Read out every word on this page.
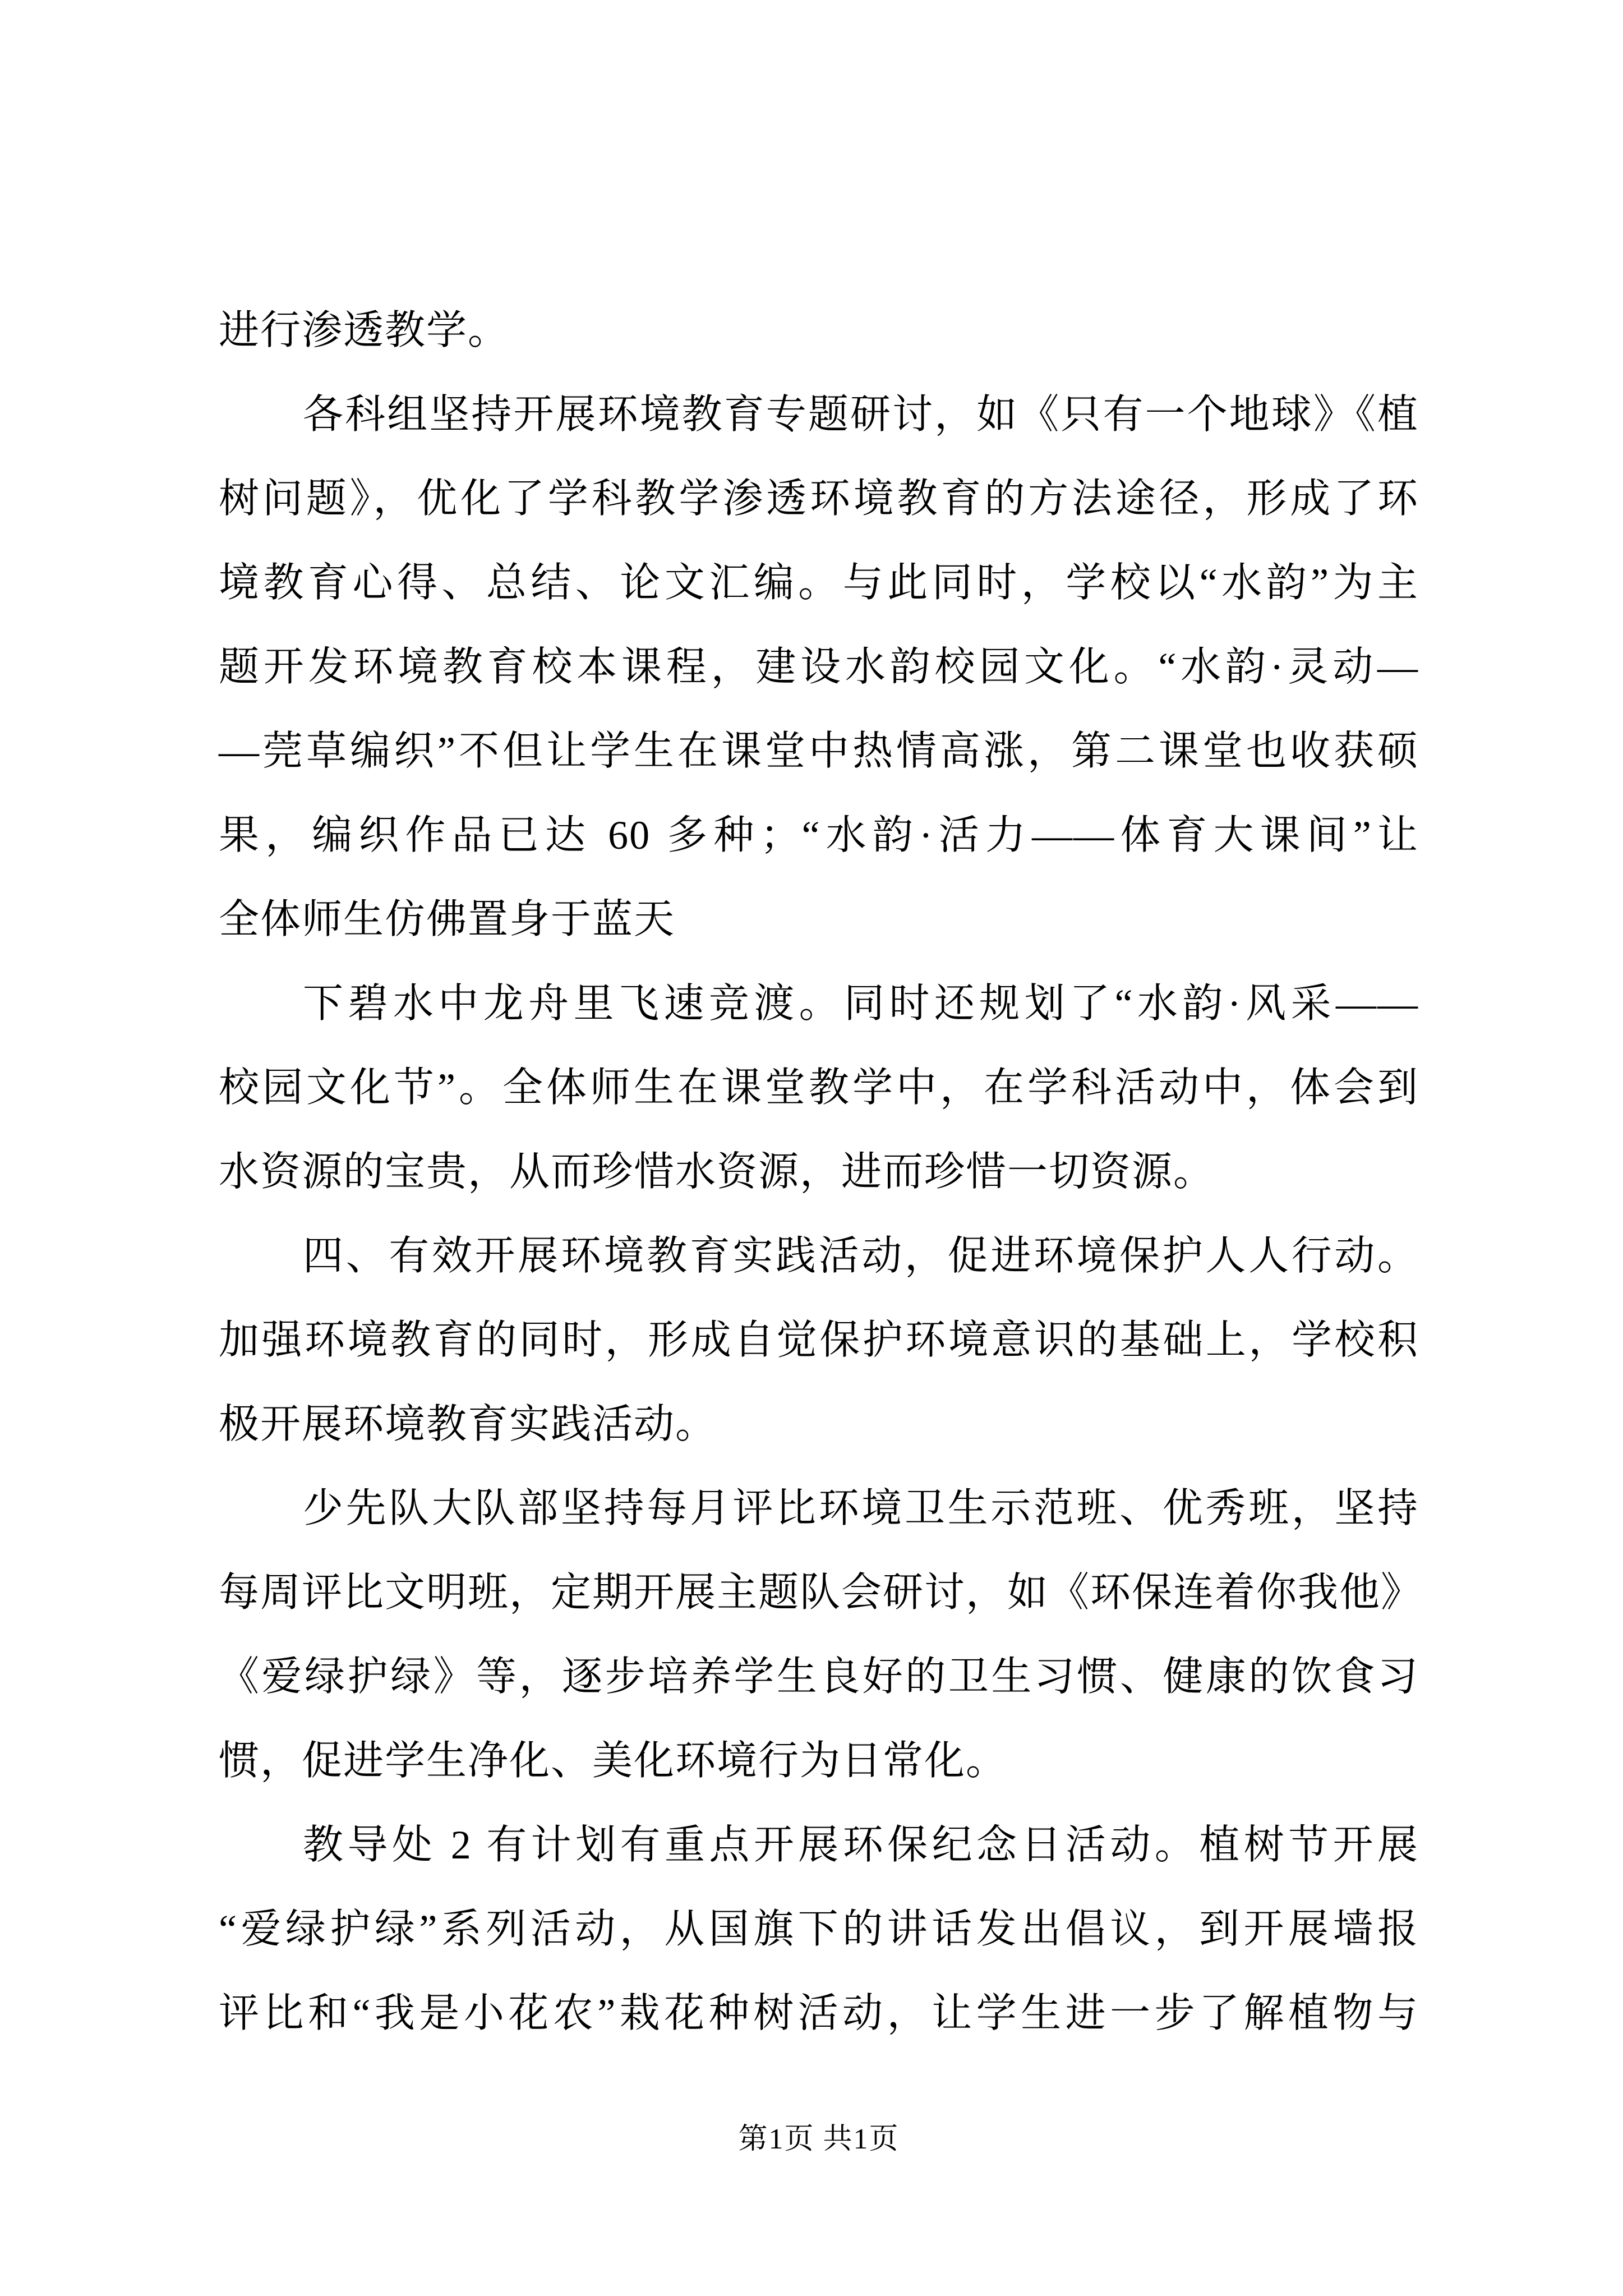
进行渗透教学。
各科组坚持开展环境教育专题研讨，如《只有一个地球》《植
树问题》，优化了学科教学渗透环境教育的方法途径，形成了环
境教育心得、总结、论文汇编。与此同时，学校以“水韵”为主
题开发环境教育校本课程，建设水韵校园文化。“水韵·灵动—
—莞草编织”不但让学生在课堂中热情高涨，第二课堂也收获硕
果，编织作品已达 60 多种；“水韵·活力——体育大课间”让
全体师生仿佛置身于蓝天
下碧水中龙舟里飞速竞渡。同时还规划了“水韵·风采——
校园文化节”。全体师生在课堂教学中，在学科活动中，体会到
水资源的宝贵，从而珍惜水资源，进而珍惜一切资源。
四、有效开展环境教育实践活动，促进环境保护人人行动。
加强环境教育的同时，形成自觉保护环境意识的基础上，学校积
极开展环境教育实践活动。
少先队大队部坚持每月评比环境卫生示范班、优秀班，坚持
每周评比文明班，定期开展主题队会研讨，如《环保连着你我他》
《爱绿护绿》等，逐步培养学生良好的卫生习惯、健康的饮食习
惯，促进学生净化、美化环境行为日常化。
教导处 2 有计划有重点开展环保纪念日活动。植树节开展
“爱绿护绿”系列活动，从国旗下的讲话发出倡议，到开展墙报
评比和“我是小花农”栽花种树活动，让学生进一步了解植物与
第1页 共1页
